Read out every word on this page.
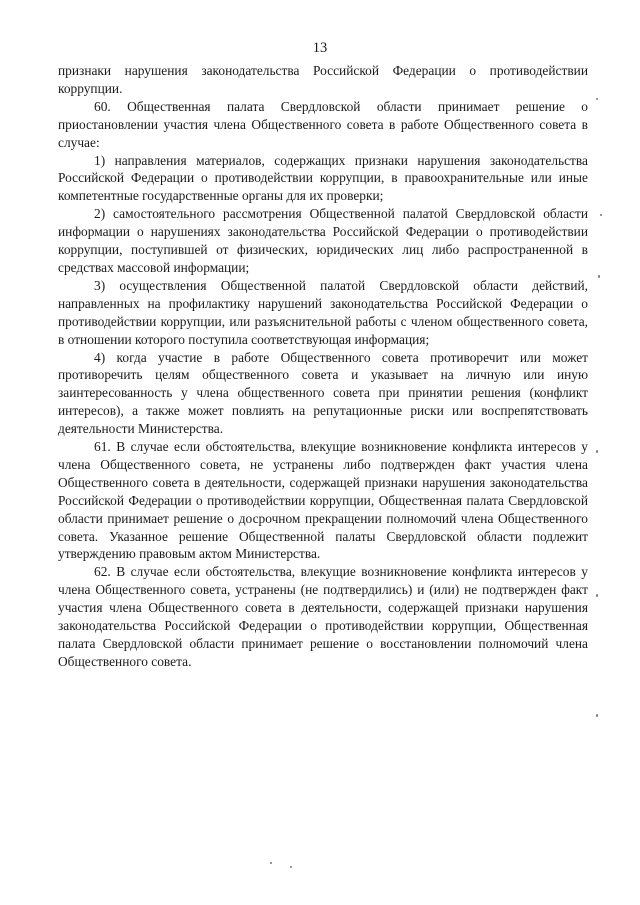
13

признаки нарушения законодательства Российской Федерации о противодействии коррупции.

60. Общественная палата Свердловской области принимает решение о приостановлении участия члена Общественного совета в работе Общественного совета в случае:

1) направления материалов, содержащих признаки нарушения законодательства Российской Федерации о противодействии коррупции, в правоохранительные или иные компетентные государственные органы для их проверки;

2) самостоятельного рассмотрения Общественной палатой Свердловской области информации о нарушениях законодательства Российской Федерации о противодействии коррупции, поступившей от физических, юридических лиц либо распространенной в средствах массовой информации;

3) осуществления Общественной палатой Свердловской области действий, направленных на профилактику нарушений законодательства Российской Федерации о противодействии коррупции, или разъяснительной работы с членом общественного совета, в отношении которого поступила соответствующая информация;

4) когда участие в работе Общественного совета противоречит или может противоречить целям общественного совета и указывает на личную или иную заинтересованность у члена общественного совета при принятии решения (конфликт интересов), а также может повлиять на репутационные риски или воспрепятствовать деятельности Министерства.

61. В случае если обстоятельства, влекущие возникновение конфликта интересов у члена Общественного совета, не устранены либо подтвержден факт участия члена Общественного совета в деятельности, содержащей признаки нарушения законодательства Российской Федерации о противодействии коррупции, Общественная палата Свердловской области принимает решение о досрочном прекращении полномочий члена Общественного совета. Указанное решение Общественной палаты Свердловской области подлежит утверждению правовым актом Министерства.

62. В случае если обстоятельства, влекущие возникновение конфликта интересов у члена Общественного совета, устранены (не подтвердились) и (или) не подтвержден факт участия члена Общественного совета в деятельности, содержащей признаки нарушения законодательства Российской Федерации о противодействии коррупции, Общественная палата Свердловской области принимает решение о восстановлении полномочий члена Общественного совета.
